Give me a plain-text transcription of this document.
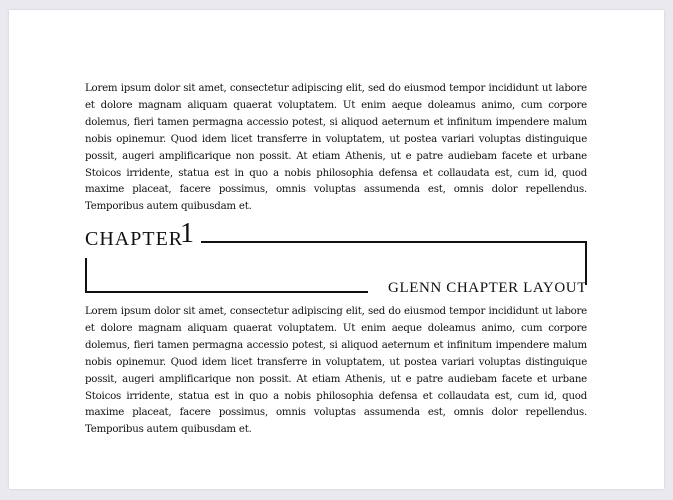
Lorem ipsum dolor sit amet, consectetur adipiscing elit, sed do eiusmod tempor incididunt ut labore et dolore magnam aliquam quaerat voluptatem. Ut enim aeque doleamus animo, cum corpore dolemus, fieri tamen permagna accessio potest, si aliquod aeternum et infinitum impendere malum nobis opinemur. Quod idem licet transferre in voluptatem, ut postea variari voluptas distinguique possit, augeri amplificarique non possit. At etiam Athenis, ut e patre audiebam facete et urbane Stoicos irridente, statua est in quo a nobis philosophia defensa et collaudata est, cum id, quod maxime placeat, facere possimus, omnis voluptas assumenda est, omnis dolor repellendus. Temporibus autem quibusdam et.

CHAPTER
1
GLENN CHAPTER LAYOUT

Lorem ipsum dolor sit amet, consectetur adipiscing elit, sed do eiusmod tempor incididunt ut labore et dolore magnam aliquam quaerat voluptatem. Ut enim aeque doleamus animo, cum corpore dolemus, fieri tamen permagna accessio potest, si aliquod aeternum et infinitum impendere malum nobis opinemur. Quod idem licet transferre in voluptatem, ut postea variari voluptas distinguique possit, augeri amplificarique non possit. At etiam Athenis, ut e patre audiebam facete et urbane Stoicos irridente, statua est in quo a nobis philosophia defensa et collaudata est, cum id, quod maxime placeat, facere possimus, omnis voluptas assumenda est, omnis dolor repellendus. Temporibus autem quibusdam et.
